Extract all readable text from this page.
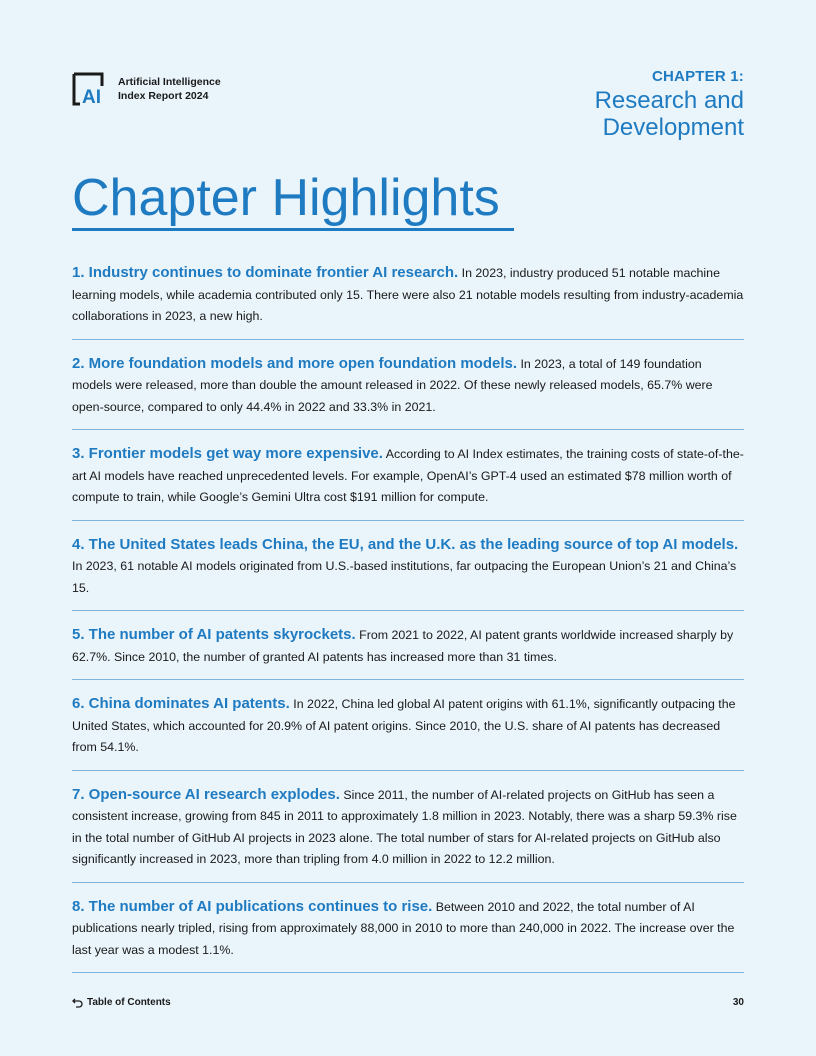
AI
Artificial Intelligence
Index Report 2024
CHAPTER 1:
Research and
Development
Chapter Highlights
1. Industry continues to dominate frontier AI research. In 2023, industry produced 51 notable machine learning models, while academia contributed only 15. There were also 21 notable models resulting from industry-academia collaborations in 2023, a new high.
2. More foundation models and more open foundation models. In 2023, a total of 149 foundation models were released, more than double the amount released in 2022. Of these newly released models, 65.7% were open-source, compared to only 44.4% in 2022 and 33.3% in 2021.
3. Frontier models get way more expensive. According to AI Index estimates, the training costs of state-of-the-art AI models have reached unprecedented levels. For example, OpenAI’s GPT-4 used an estimated $78 million worth of compute to train, while Google’s Gemini Ultra cost $191 million for compute.
4. The United States leads China, the EU, and the U.K. as the leading source of top AI models. In 2023, 61 notable AI models originated from U.S.-based institutions, far outpacing the European Union’s 21 and China’s 15.
5. The number of AI patents skyrockets. From 2021 to 2022, AI patent grants worldwide increased sharply by 62.7%. Since 2010, the number of granted AI patents has increased more than 31 times.
6. China dominates AI patents. In 2022, China led global AI patent origins with 61.1%, significantly outpacing the United States, which accounted for 20.9% of AI patent origins. Since 2010, the U.S. share of AI patents has decreased from 54.1%.
7. Open-source AI research explodes. Since 2011, the number of AI-related projects on GitHub has seen a consistent increase, growing from 845 in 2011 to approximately 1.8 million in 2023. Notably, there was a sharp 59.3% rise in the total number of GitHub AI projects in 2023 alone. The total number of stars for AI-related projects on GitHub also significantly increased in 2023, more than tripling from 4.0 million in 2022 to 12.2 million.
8. The number of AI publications continues to rise. Between 2010 and 2022, the total number of AI publications nearly tripled, rising from approximately 88,000 in 2010 to more than 240,000 in 2022. The increase over the last year was a modest 1.1%.
Table of Contents	30
